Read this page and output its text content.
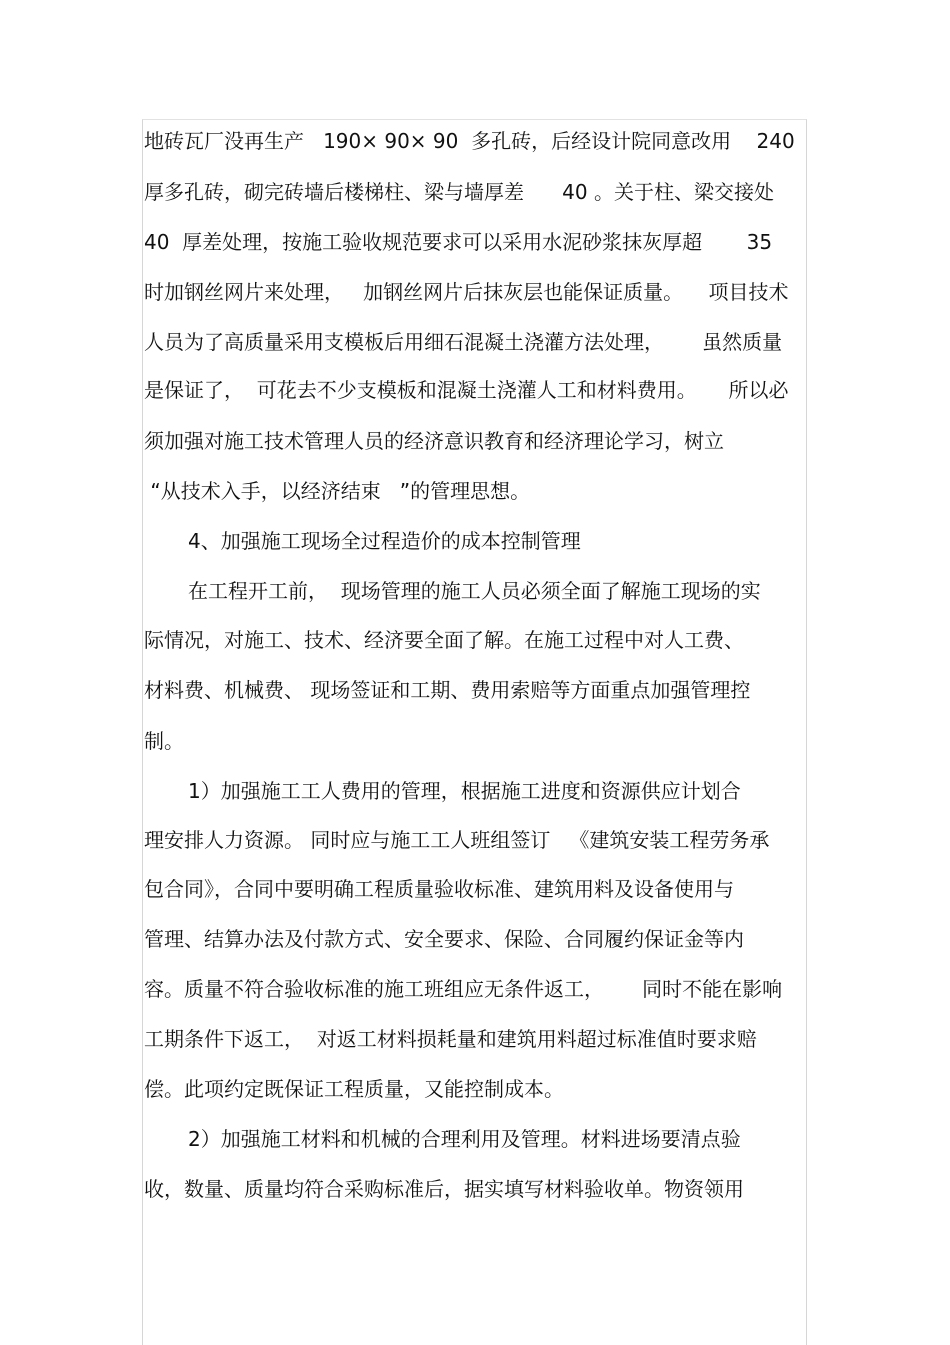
地砖瓦厂没再生产   190× 90× 90  多孔砖，后经设计院同意改用    240
厚多孔砖，砌完砖墙后楼梯柱、梁与墙厚差      40 。关于柱、梁交接处
40  厚差处理，按施工验收规范要求可以采用水泥砂浆抹灰厚超       35
时加钢丝网片来处理，   加钢丝网片后抹灰层也能保证质量。    项目技术
人员为了高质量采用支模板后用细石混凝土浇灌方法处理，      虽然质量
是保证了，  可花去不少支模板和混凝土浇灌人工和材料费用。     所以必
须加强对施工技术管理人员的经济意识教育和经济理论学习，树立
“从技术入手，以经济结束   ”的管理思想。
4、加强施工现场全过程造价的成本控制管理
在工程开工前，  现场管理的施工人员必须全面了解施工现场的实
际情况，对施工、技术、经济要全面了解。在施工过程中对人工费、
材料费、机械费、 现场签证和工期、费用索赔等方面重点加强管理控
制。
1）加强施工工人费用的管理，根据施工进度和资源供应计划合
理安排人力资源。 同时应与施工工人班组签订   《建筑安装工程劳务承
包合同》，合同中要明确工程质量验收标准、建筑用料及设备使用与
管理、结算办法及付款方式、安全要求、保险、合同履约保证金等内
容。质量不符合验收标准的施工班组应无条件返工，      同时不能在影响
工期条件下返工，  对返工材料损耗量和建筑用料超过标准值时要求赔
偿。此项约定既保证工程质量，又能控制成本。
2）加强施工材料和机械的合理利用及管理。材料进场要清点验
收，数量、质量均符合采购标准后，据实填写材料验收单。物资领用
